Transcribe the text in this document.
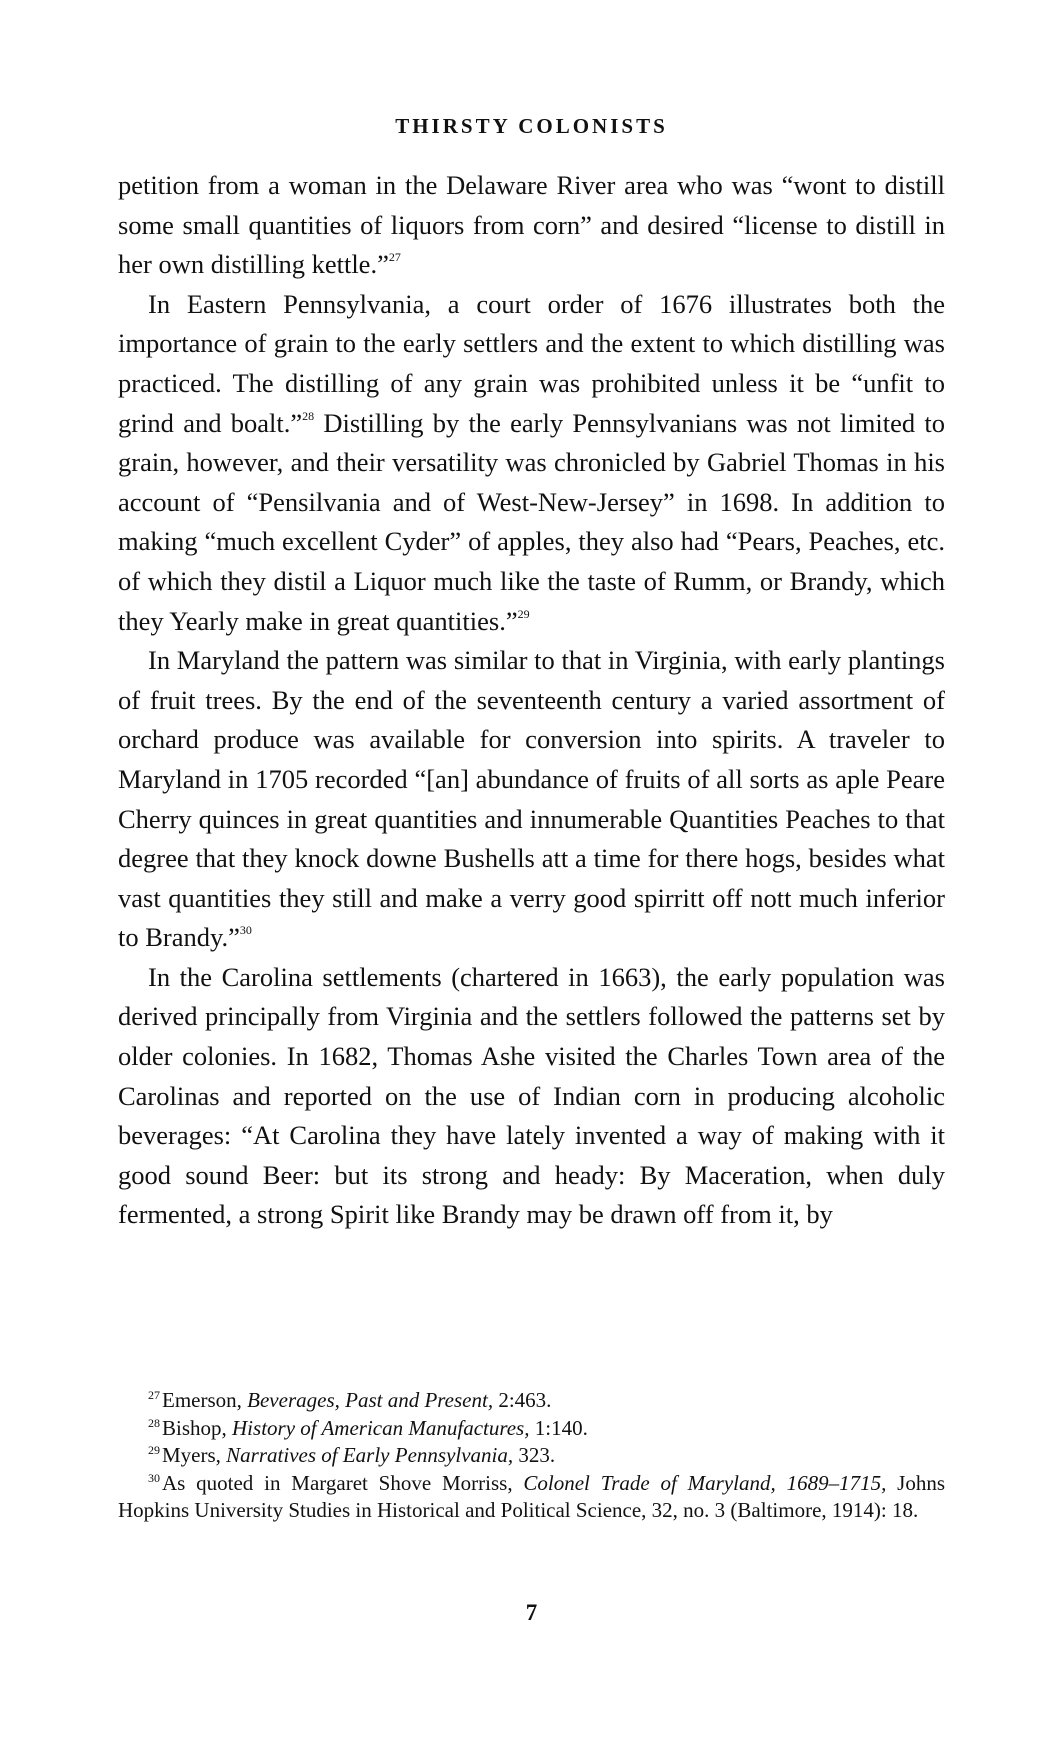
THIRSTY COLONISTS

petition from a woman in the Delaware River area who was “wont to distill some small quantities of liquors from corn” and desired “license to distill in her own distilling kettle.”$^{27}$

In Eastern Pennsylvania, a court order of 1676 illustrates both the importance of grain to the early settlers and the extent to which distilling was practiced. The distilling of any grain was prohibited unless it be “unfit to grind and boalt.”$^{28}$ Distilling by the early Pennsylvanians was not limited to grain, however, and their versatility was chronicled by Gabriel Thomas in his account of “Pensilvania and of West-New-Jersey” in 1698. In addition to making “much excellent Cyder” of apples, they also had “Pears, Peaches, etc. of which they distil a Liquor much like the taste of Rumm, or Brandy, which they Yearly make in great quantities.”$^{29}$

In Maryland the pattern was similar to that in Virginia, with early plantings of fruit trees. By the end of the seventeenth century a varied assortment of orchard produce was available for conversion into spirits. A traveler to Maryland in 1705 recorded “[an] abundance of fruits of all sorts as aple Peare Cherry quinces in great quantities and innumerable Quantities Peaches to that degree that they knock downe Bushells att a time for there hogs, besides what vast quantities they still and make a verry good spirritt off nott much inferior to Brandy.”$^{30}$

In the Carolina settlements (chartered in 1663), the early population was derived principally from Virginia and the settlers followed the patterns set by older colonies. In 1682, Thomas Ashe visited the Charles Town area of the Carolinas and reported on the use of Indian corn in producing alcoholic beverages: “At Carolina they have lately invented a way of making with it good sound Beer: but its strong and heady: By Maceration, when duly fermented, a strong Spirit like Brandy may be drawn off from it, by

$^{27}$Emerson, Beverages, Past and Present, 2:463.

$^{28}$Bishop, History of American Manufactures, 1:140.

$^{29}$Myers, Narratives of Early Pennsylvania, 323.

$^{30}$As quoted in Margaret Shove Morriss, Colonel Trade of Maryland, 1689–1715, Johns Hopkins University Studies in Historical and Political Science, 32, no. 3 (Baltimore, 1914): 18.

7
